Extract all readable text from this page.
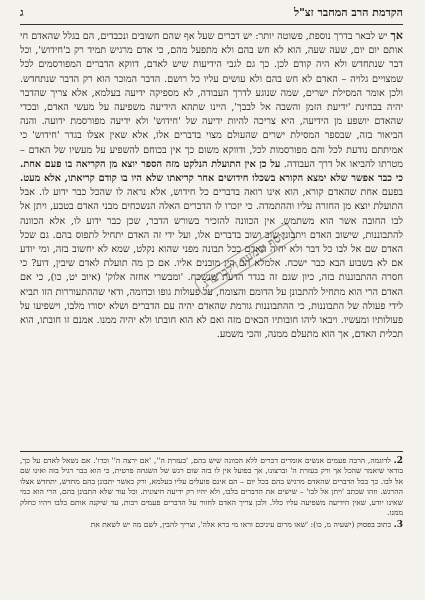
הקדמת הרב המחבר זצ"ל
ג

אך יש לבאר בדרך נוספת, פשוטה יותר: יש דברים שעל אף שהם חשובים ונכבדים, הם בגלל שהאדם חי אותם יום יום, שעה שעה, הוא לא חש בהם ולא מתפעל מהם, כי אדם מרגיש תמיד רק ב'חידוש', וכל דבר שנתחדש ולא היה קודם לכן. כך גם לגבי הידיעות שיש לאדם, דווקא הדברים המפורסמים לכל שמצויים גלויה – האדם לא חש בהם ולא עושים עליו כל רושם. הדבר המוכר הוא רק הדבר שנתחדש. ולכן אומר המסילת ישרים, שמה שנוגע לדרך העבודה, לא מספיקה ידיעה בעלמא, אלא צריך שהדבר יהיה בבחינת 'ידיעת הזמן והשבה אל לבבך', היינו שתהא הידיעה משפיעה על מעשי האדם, ובכדי שהאדם יושפע מן הידיעה, היא צריכה להיות ידיעה של 'חידוש' ולא ידיעה מפורסמת ידועה. והנה הביאור בזה, שבספר המסילת ישרים שהעולם מצוי בדברים אלו, אלא שאין אצלו בגדר 'חידוש' כי אמיתתם נודעת לכל והם מפורסמות לכל, ודווקא משום כך אין בכוחם להשפיע על מעשיו של האדם – מטרתו להביאו אל דרך העבודה. על כן אין התועלת הנלקט מזה הספר יוצא מן הקריאה בו פעם אחת. כי כבר אפשר שלא ימצא הקורא בשכלו חידושים אחר קריאתו שלא היו בו קודם קריאתו, אלא מעט. בפעם אחת שהאדם קורא, הוא אינו רואה בדברים כל חידוש, אלא נראה לו שהכל כבר ידוע לו. אבל התועלת יוצא מן החזרה עליו וההתמדה. כי יזכרו לו הדברים האלה הנשכחים מבני האדם בטבע, ויתן אל לבו החובה אשר הוא משתמש. אין הכוונה להזכיר בשורש הדבר, שכן כבר ידוע לו, אלא הכוונה להתבוננות, שישוב האדם ויתבונן שוב ושוב בדברים אלו, ועל ידי זה האדם יתחיל לתפוס בהם. גם שכל האדם שם אל לבו כל דבר ולא יהיה האדם ככל תבונה מפני שהוא נקלט, שמא לא יחשוב בזה, ומי יודע אם לא בשבוע הבא כבר ישכח. אלמלא הם היו מובנים אליו. אם כן מה תועלת לאדם שיבין, דוע? כי חסרה ההתבוננות בזה, כיון שגם זה בגדר הדעת שנשכח. 'ומבשרי אחזה אלוק' (איוב יט, כו), כי אם האדם הרי הוא מתחיל להתבונן על הדומם והצומח, על פעולות גופו וכדומה, ודאי שההתעוררות הזו תביא לידי פעולה של התבוננות, כי ההתבוננות גורמת שהאדם יהיה עם הדברים ושלא יסורו מלבו, וישפיעו על פעולותיו ומעשיו. ויבאו ליהו חובותיו הבאים מזה ואם לא הוא חובתו ולא יהיה ממנו. אמנם זו חובתו, הוא תכלית האדם, אך הוא מתעלם ממנה, והכי משמע.

2. לדוגמה, הרבה פעמים אנשים אומרים דברים ללא הכוונה שיש בהם, 'בעזרת ה'', 'אם ירצה ה'' וכדו'. אם נשאל לאדם על כך, בודאי שיאמר שהכל אך ורק בעזרת ה' וברצונו, אך בפועל אין לו בזה שום רגש של השגחה פרטית, כי הוא כבר רגיל בזה ואינו שם אל לבו. כך בכל הדברים שהאדם מרגיש בהם בכל יום – הם אינם פועלים עליו בעלמא, ורק כאשר יתבונן בהם מחדש, יתחדש אצלו ההרגש. וזהו שכתב 'ויתן אל לבו' – שישים את הדברים בלבו, ולא יהיו רק ידיעה חיצונית. וכל עוד שלא התבונן בהם, הרי הוא כמי שאינו יודע, שאין הידיעה משפיעה עליו כלל. ולכן צריך האדם לחזור על הדברים פעמים רבות, עד שיקנה אותם בלבו ויהיו כחלק ממנו.

3. כתוב בפסוק (ישעיה מ, כו): 'שאו מרום עיניכם וראו מי ברא אלה', וצריך להבין, לשם מה יש לשאת את

יוסף שמעון זילברברג
